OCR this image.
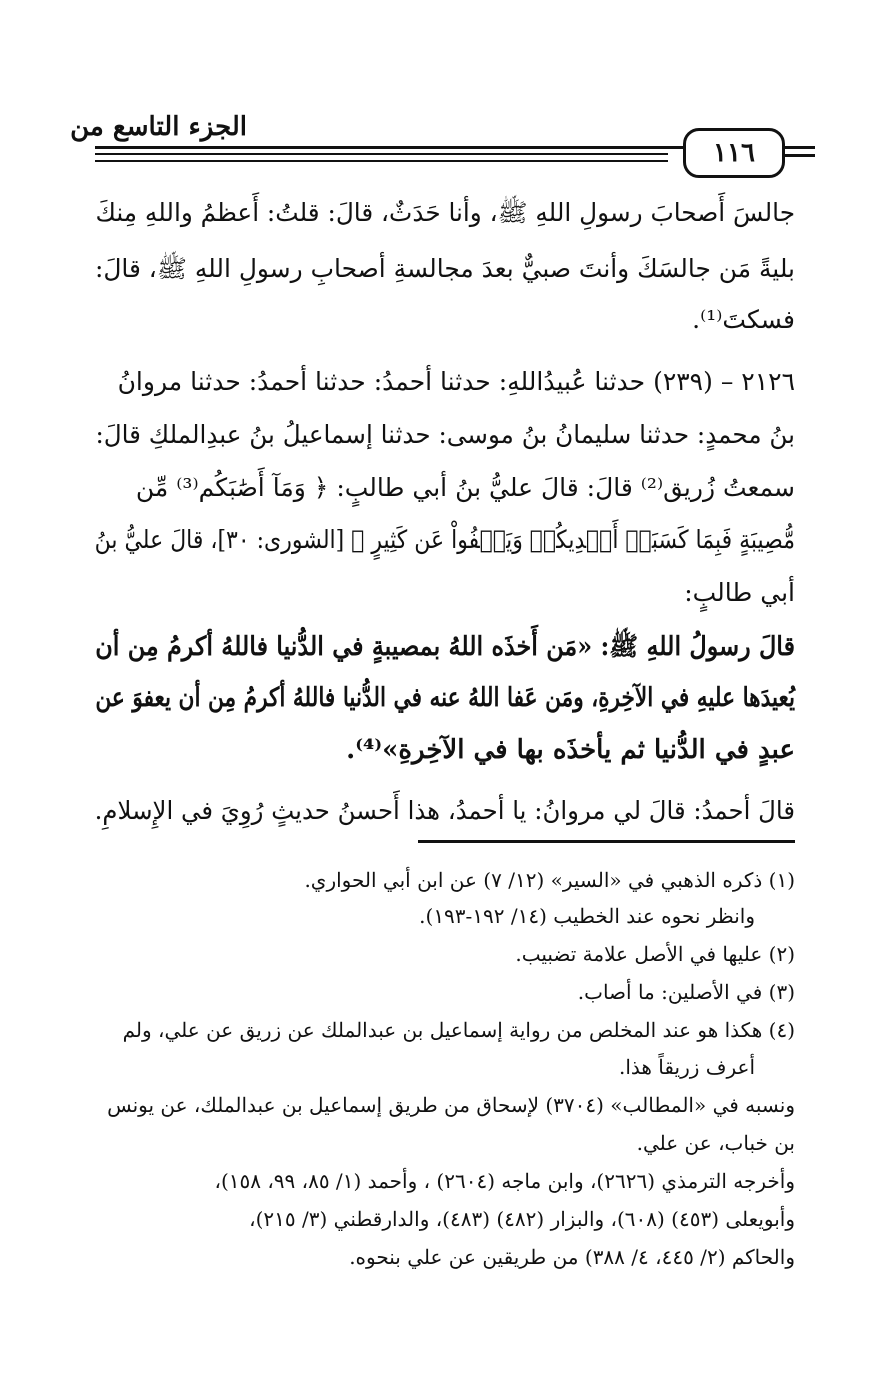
الجزء التاسع من
١١٦
جالسَ أَصحابَ رسولِ اللهِ ﷺ، وأنا حَدَثٌ، قالَ: قلتُ: أَعظمُ واللهِ مِنكَ
بليةً مَن جالسَكَ وأنتَ صبيٌّ بعدَ مجالسةِ أصحابِ رسولِ اللهِ ﷺ، قالَ:
فسكتَ⁽¹⁾.
٢١٢٦ – (٢٣٩) حدثنا عُبيدُاللهِ: حدثنا أحمدُ: حدثنا أحمدُ: حدثنا مروانُ
بنُ محمدٍ: حدثنا سليمانُ بنُ موسى: حدثنا إسماعيلُ بنُ عبدِالملكِ قالَ:
سمعتُ زُريق⁽²⁾ قالَ: قالَ عليُّ بنُ أبي طالبٍ: ﴿ وَمَآ أَصَٰبَكُم⁽³⁾ مِّن
مُّصِيبَةٍ فَبِمَا كَسَبَتۡ أَيۡدِيكُمۡ وَيَعۡفُواْ عَن كَثِيرٍ ﴾ [الشورى: ٣٠]، قالَ عليُّ بنُ
أبي طالبٍ:
قالَ رسولُ اللهِ ﷺ: «مَن أَخذَه اللهُ بمصيبةٍ في الدُّنيا فاللهُ أكرمُ مِن أن
يُعيدَها عليهِ في الآخِرةِ، ومَن عَفا اللهُ عنه في الدُّنيا فاللهُ أكرمُ مِن أن يعفوَ عن
عبدٍ في الدُّنيا ثم يأخذَه بها في الآخِرةِ»⁽⁴⁾.
قالَ أحمدُ: قالَ لي مروانُ: يا أحمدُ، هذا أَحسنُ حديثٍ رُوِيَ في الإِسلامِ.
(١) ذكره الذهبي في «السير» (١٢/ ٧) عن ابن أبي الحواري.
وانظر نحوه عند الخطيب (١٤/ ١٩٢-١٩٣).
(٢) عليها في الأصل علامة تضبيب.
(٣) في الأصلين: ما أصاب.
(٤) هكذا هو عند المخلص من رواية إسماعيل بن عبدالملك عن زريق عن علي، ولم
أعرف زريقاً هذا.
ونسبه في «المطالب» (٣٧٠٤) لإسحاق من طريق إسماعيل بن عبدالملك، عن يونس
بن خباب، عن علي.
وأخرجه الترمذي (٢٦٢٦)، وابن ماجه (٢٦٠٤) ، وأحمد (١/ ٨٥، ٩٩، ١٥٨)،
وأبويعلى (٤٥٣) (٦٠٨)، والبزار (٤٨٢) (٤٨٣)، والدارقطني (٣/ ٢١٥)،
والحاكم (٢/ ٤٤٥، ٤/ ٣٨٨) من طريقين عن علي بنحوه.
